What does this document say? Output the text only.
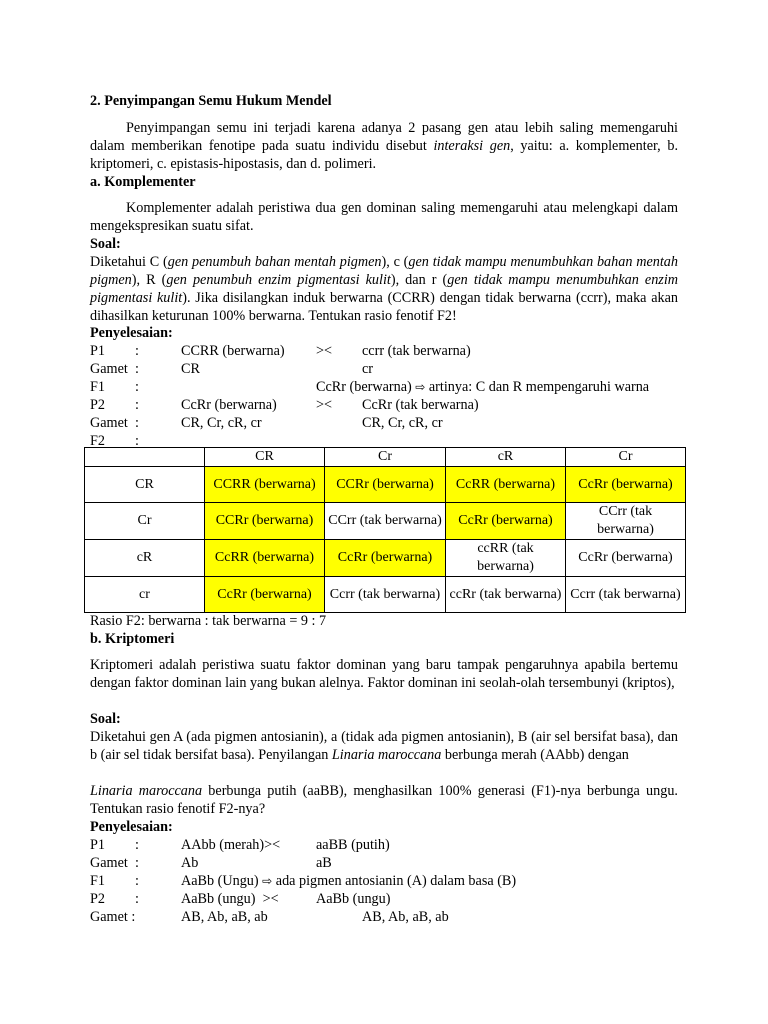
2. Penyimpangan Semu Hukum Mendel
Penyimpangan semu ini terjadi karena adanya 2 pasang gen atau lebih saling memengaruhi dalam memberikan fenotipe pada suatu individu disebut interaksi gen, yaitu: a. komplementer, b. kriptomeri, c. epistasis-hipostasis, dan d. polimeri.

a. Komplementer

Komplementer adalah peristiwa dua gen dominan saling memengaruhi atau melengkapi dalam mengekspresikan suatu sifat.

Soal:

Diketahui C (gen penumbuh bahan mentah pigmen), c (gen tidak mampu menumbuhkan bahan mentah pigmen), R (gen penumbuh enzim pigmentasi kulit), dan r (gen tidak mampu menumbuhkan enzim pigmentasi kulit). Jika disilangkan induk berwarna (CCRR) dengan tidak berwarna (ccrr), maka akan dihasilkan keturunan 100% berwarna. Tentukan rasio fenotif F2!

Penyelesaian:

P1 :	CCRR (berwarna) >< ccrr (tak berwarna)
Gamet :	CR	cr
F1 :	CcRr (berwarna) ⇨ artinya: C dan R mempengaruhi warna
P2 :	CcRr (berwarna)	>< CcRr (tak berwarna)
Gamet :	CR, Cr, cR, cr	CR, Cr, cR, cr
F2 :
	CR	Cr	cR	Cr
CR	CCRR (berwarna)	CCRr (berwarna)	CcRR (berwarna)	CcRr (berwarna)
Cr	CCRr (berwarna)	CCrr (tak berwarna)	CcRr (berwarna)	CCrr (tak berwarna)
cR	CcRR (berwarna)	CcRr (berwarna)	ccRR (tak berwarna)	CcRr (berwarna)
cr	CcRr (berwarna)	Ccrr (tak berwarna)	ccRr (tak berwarna)	Ccrr (tak berwarna)
Rasio F2: berwarna : tak berwarna = 9 : 7

b. Kriptomeri

Kriptomeri adalah peristiwa suatu faktor dominan yang baru tampak pengaruhnya apabila bertemu dengan faktor dominan lain yang bukan alelnya. Faktor dominan ini seolah-olah tersembunyi (kriptos),

Soal:

Diketahui gen A (ada pigmen antosianin), a (tidak ada pigmen antosianin), B (air sel bersifat basa), dan b (air sel tidak bersifat basa). Penyilangan Linaria maroccana berbunga merah (AAbb) dengan
Linaria maroccana berbunga putih (aaBB), menghasilkan 100% generasi (F1)-nya berbunga ungu. Tentukan rasio fenotif F2-nya?

Penyelesaian:

P1 :	AAbb (merah)><	aaBB (putih)
Gamet :	Ab	aB
F1 :	AaBb (Ungu) ⇨ ada pigmen antosianin (A) dalam basa (B)
P2 :	AaBb (ungu) ><	AaBb (ungu)
Gamet :	AB, Ab, aB, ab	AB, Ab, aB, ab
